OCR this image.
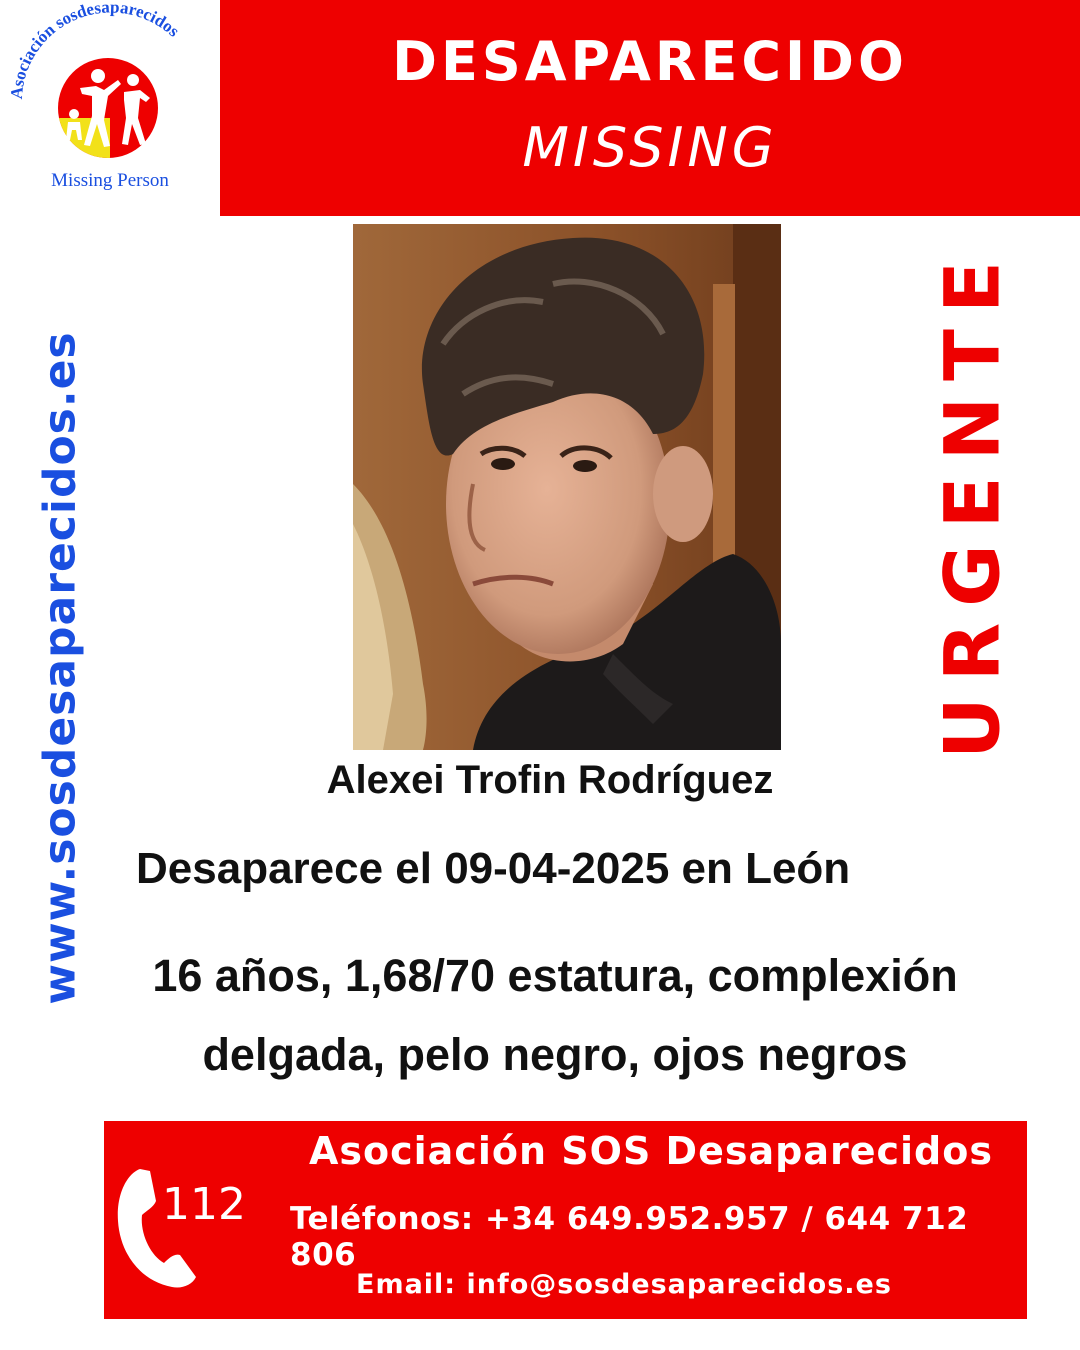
Asociación sosdesaparecidos
Missing Person
DESAPARECIDO
MISSING
www.sosdesaparecidos.es	URGENTE
Alexei Trofin Rodríguez
Desaparece el 09-04-2025 en León
16 años, 1,68/70 estatura, complexión
delgada, pelo negro, ojos negros
112
Asociación SOS Desaparecidos
Teléfonos: +34 649.952.957 / 644 712 806
Email: info@sosdesaparecidos.es
